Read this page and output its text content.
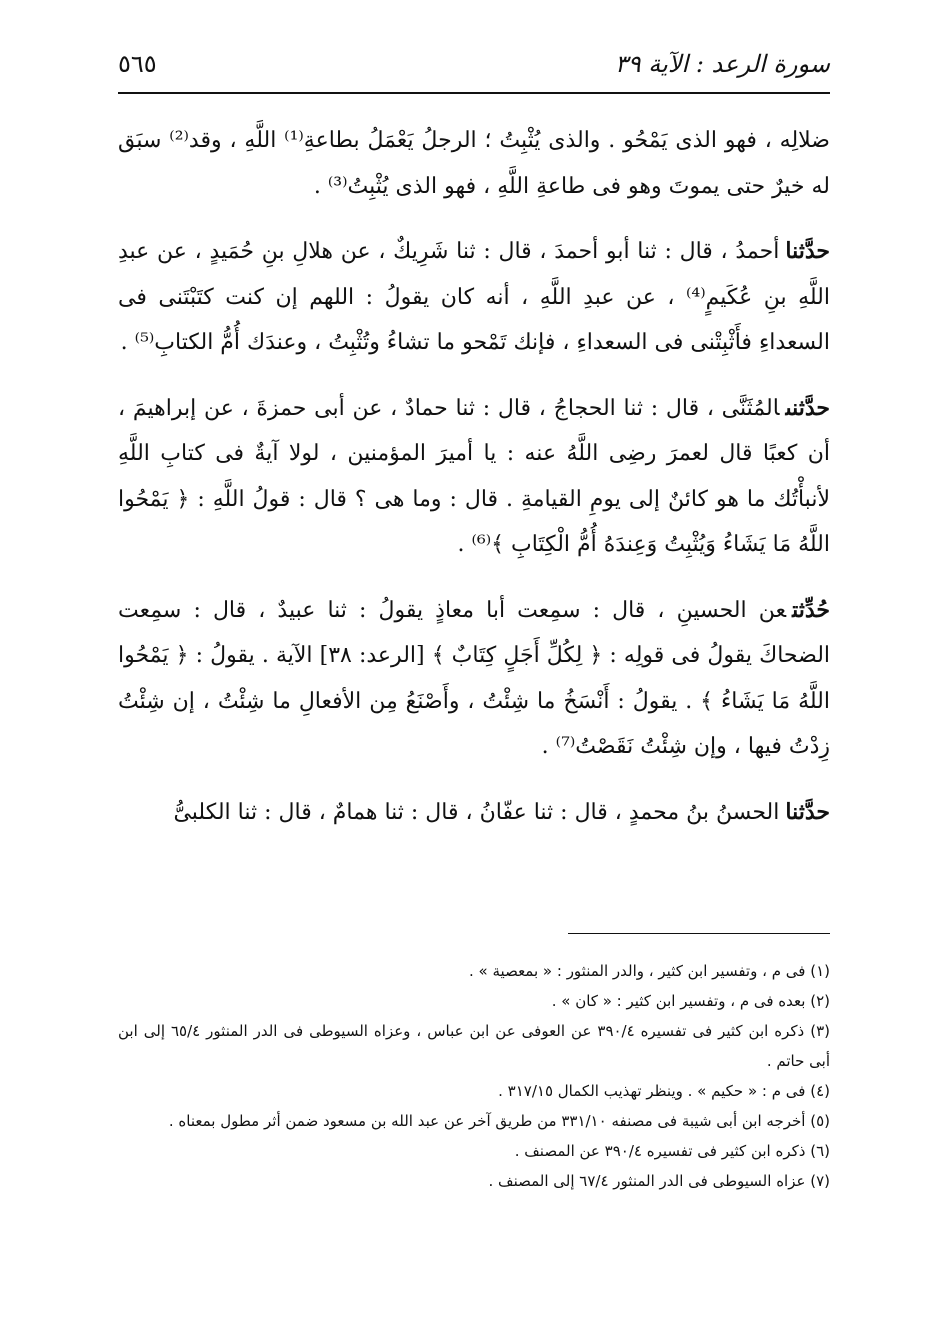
سورة الرعد : الآية ٣٩
٥٦٥

ضلالِه ، فهو الذى يَمْحُو . والذى يُثْبِتُ ؛ الرجلُ يَعْمَلُ بطاعةِ⁽¹⁾ اللَّهِ ، وقد⁽²⁾ سبَق له خيرٌ حتى يموتَ وهو فى طاعةِ اللَّهِ ، فهو الذى يُثْبِتُ⁽³⁾ .

حدَّثناأحمدُ ، قال : ثنا أبو أحمدَ ، قال : ثنا شَرِيكٌ ، عن هلالِ بنِ حُمَيدٍ ، عن عبدِ اللَّهِ بنِ عُكَيمٍ⁽⁴⁾ ، عن عبدِ اللَّهِ ، أنه كان يقولُ : اللهم إن كنت كتَبْتَنى فى السعداءِ فأَثْبِتْنى فى السعداءِ ، فإنك تَمْحو ما تشاءُ وتُثْبِتُ ، وعندَك أُمُّ الكتابِ⁽⁵⁾ .

حدَّثنىالمُثَنَّى ، قال : ثنا الحجاجُ ، قال : ثنا حمادٌ ، عن أبى حمزةَ ، عن إبراهيمَ ، أن كعبًا قال لعمرَ رضِى اللَّهُ عنه : يا أميرَ المؤمنين ، لولا آيةٌ فى كتابِ اللَّهِ لأنبأْتُك ما هو كائنٌ إلى يومِ القيامةِ . قال : وما هى ؟ قال : قولُ اللَّهِ : ﴿ يَمْحُوا اللَّهُ مَا يَشَاءُ وَيُثْبِتُ وَعِندَهُ أُمُّ الْكِتَابِ ﴾⁽⁶⁾ .

حُدِّثتعن الحسينِ ، قال : سمِعت أبا معاذٍ يقولُ : ثنا عبيدٌ ، قال : سمِعت الضحاكَ يقولُ فى قولِه : ﴿ لِكُلِّ أَجَلٍ كِتَابٌ ﴾ [الرعد: ٣٨] الآية . يقولُ : ﴿ يَمْحُوا اللَّهُ مَا يَشَاءُ ﴾ . يقولُ : أَنْسَخُ ما شِئْتُ ، وأَصْنَعُ مِن الأفعالِ ما شِئْتُ ، إن شِئْتُ زِدْتُ فيها ، وإن شِئْتُ نَقَصْتُ⁽⁷⁾ .

حدَّثناالحسنُ بنُ محمدٍ ، قال : ثنا عفّانُ ، قال : ثنا همامٌ ، قال : ثنا الكلبىُّ

(١) فى م ، وتفسير ابن كثير ، والدر المنثور : « بمعصية » .

(٢) بعده فى م ، وتفسير ابن كثير : « كان » .

(٣) ذكره ابن كثير فى تفسيره ٣٩٠/٤ عن العوفى عن ابن عباس ، وعزاه السيوطى فى الدر المنثور ٦٥/٤ إلى ابن أبى حاتم .

(٤) فى م : « حكيم » . وينظر تهذيب الكمال ٣١٧/١٥ .

(٥) أخرجه ابن أبى شيبة فى مصنفه ٣٣١/١٠ من طريق آخر عن عبد الله بن مسعود ضمن أثر مطول بمعناه .

(٦) ذكره ابن كثير فى تفسيره ٣٩٠/٤ عن المصنف .

(٧) عزاه السيوطى فى الدر المنثور ٦٧/٤ إلى المصنف .
